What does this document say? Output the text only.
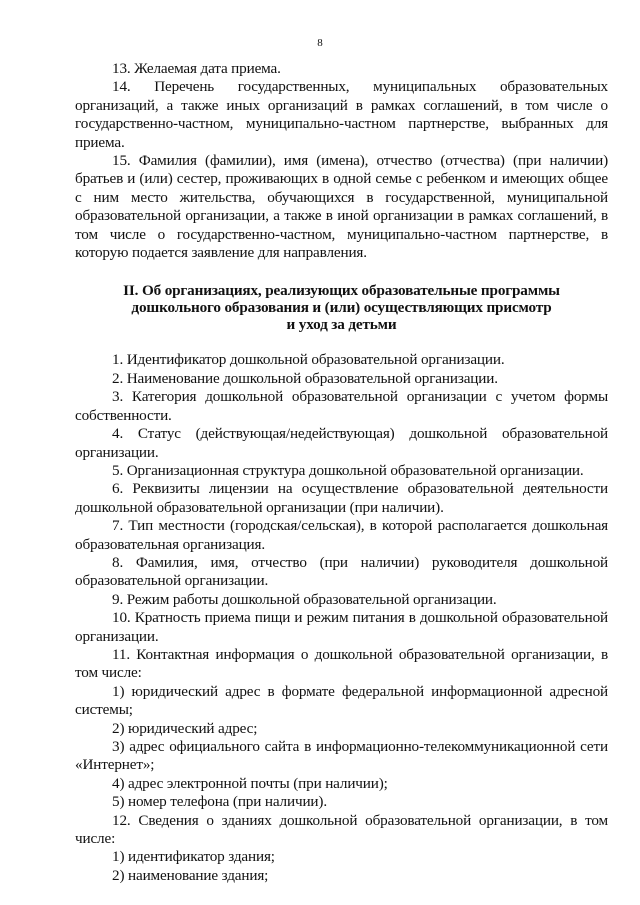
8

13. Желаемая дата приема.

14. Перечень государственных, муниципальных образовательных организаций, а также иных организаций в рамках соглашений, в том числе о государственно-частном, муниципально-частном партнерстве, выбранных для приема.

15. Фамилия (фамилии), имя (имена), отчество (отчества) (при наличии) братьев и (или) сестер, проживающих в одной семье с ребенком и имеющих общее с ним место жительства, обучающихся в государственной, муниципальной образовательной организации, а также в иной организации в рамках соглашений, в том числе о государственно-частном, муниципально-частном партнерстве, в которую подается заявление для направления.

II. Об организациях, реализующих образовательные программы
дошкольного образования и (или) осуществляющих присмотр
и уход за детьми

1. Идентификатор дошкольной образовательной организации.

2. Наименование дошкольной образовательной организации.

3. Категория дошкольной образовательной организации с учетом формы собственности.

4. Статус (действующая/недействующая) дошкольной образовательной организации.

5. Организационная структура дошкольной образовательной организации.

6. Реквизиты лицензии на осуществление образовательной деятельности дошкольной образовательной организации (при наличии).

7. Тип местности (городская/сельская), в которой располагается дошкольная образовательная организация.

8. Фамилия, имя, отчество (при наличии) руководителя дошкольной образовательной организации.

9. Режим работы дошкольной образовательной организации.

10. Кратность приема пищи и режим питания в дошкольной образовательной организации.

11. Контактная информация о дошкольной образовательной организации, в том числе:

1) юридический адрес в формате федеральной информационной адресной системы;

2) юридический адрес;

3) адрес официального сайта в информационно-телекоммуникационной сети «Интернет»;

4) адрес электронной почты (при наличии);

5) номер телефона (при наличии).

12. Сведения о зданиях дошкольной образовательной организации, в том числе:

1) идентификатор здания;

2) наименование здания;
